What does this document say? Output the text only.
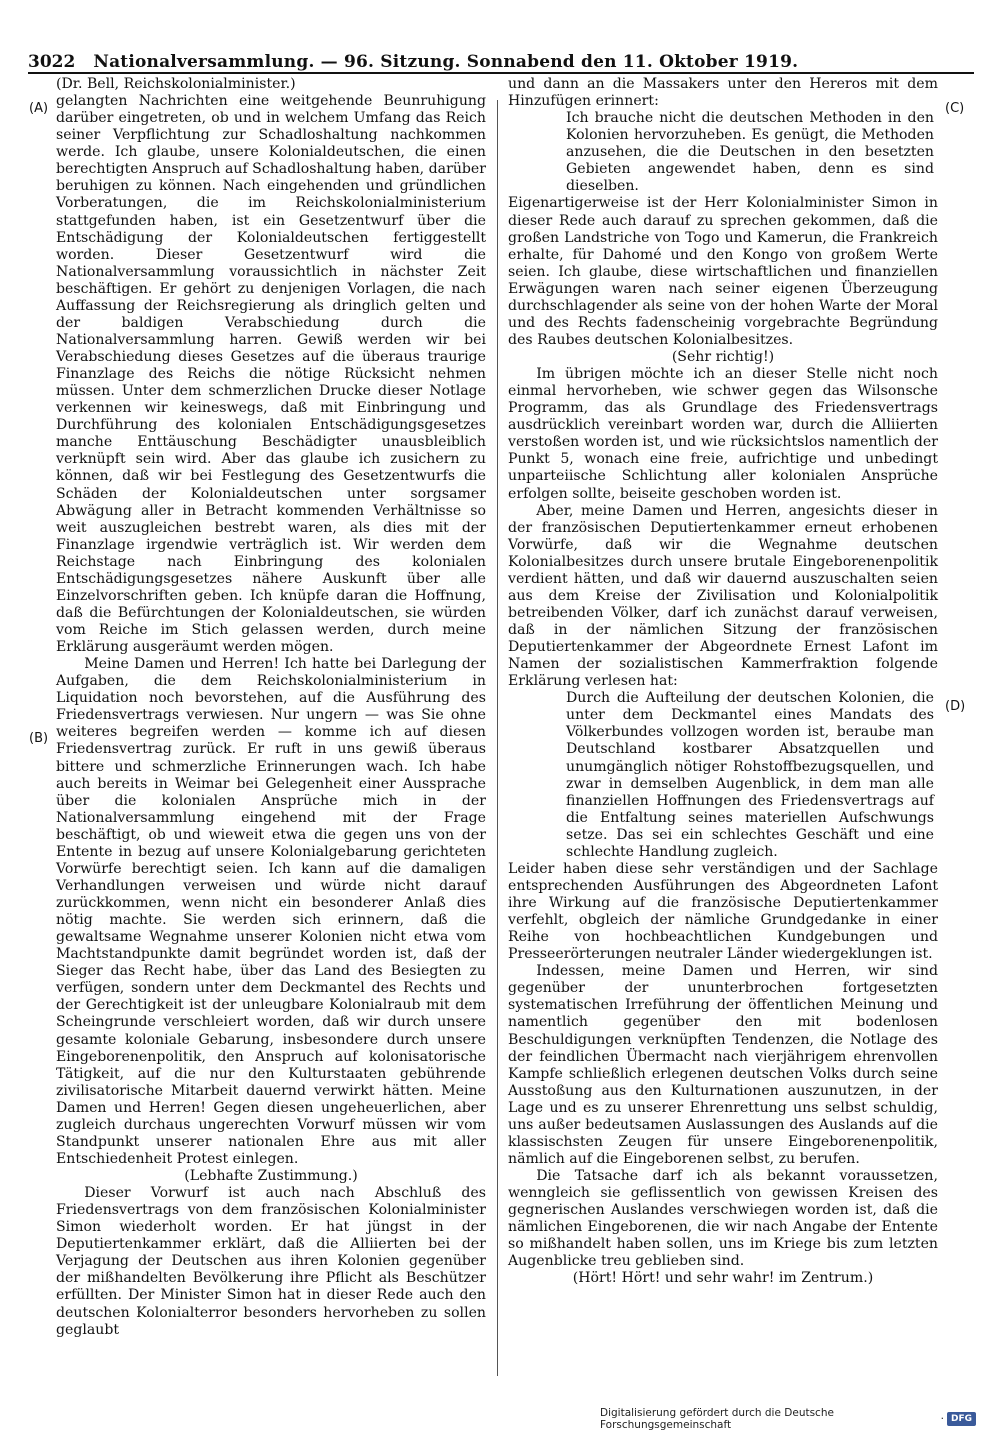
3022 Nationalversammlung. — 96. Sitzung. Sonnabend den 11. Oktober 1919.
(A)
(B)
(C)
(D)

(Dr. Bell, Reichskolonialminister.)

gelangten Nachrichten eine weitgehende Beunruhigung darüber eingetreten, ob und in welchem Umfang das Reich seiner Verpflichtung zur Schadloshaltung nachkommen werde. Ich glaube, unsere Kolonialdeutschen, die einen berechtigten Anspruch auf Schadloshaltung haben, darüber beruhigen zu können. Nach eingehenden und gründlichen Vorberatungen, die im Reichskolonialministerium stattgefunden haben, ist ein Gesetzentwurf über die Entschädigung der Kolonialdeutschen fertiggestellt worden. Dieser Gesetzentwurf wird die Nationalversammlung voraussichtlich in nächster Zeit beschäftigen. Er gehört zu denjenigen Vorlagen, die nach Auffassung der Reichsregierung als dringlich gelten und der baldigen Verabschiedung durch die Nationalversammlung harren. Gewiß werden wir bei Verabschiedung dieses Gesetzes auf die überaus traurige Finanzlage des Reichs die nötige Rücksicht nehmen müssen. Unter dem schmerzlichen Drucke dieser Notlage verkennen wir keineswegs, daß mit Einbringung und Durchführung des kolonialen Entschädigungsgesetzes manche Enttäuschung Beschädigter unausbleiblich verknüpft sein wird. Aber das glaube ich zusichern zu können, daß wir bei Festlegung des Gesetzentwurfs die Schäden der Kolonialdeutschen unter sorgsamer Abwägung aller in Betracht kommenden Verhältnisse so weit auszugleichen bestrebt waren, als dies mit der Finanzlage irgendwie verträglich ist. Wir werden dem Reichstage nach Einbringung des kolonialen Entschädigungsgesetzes nähere Auskunft über alle Einzelvorschriften geben. Ich knüpfe daran die Hoffnung, daß die Befürchtungen der Kolonialdeutschen, sie würden vom Reiche im Stich gelassen werden, durch meine Erklärung ausgeräumt werden mögen.

Meine Damen und Herren! Ich hatte bei Darlegung der Aufgaben, die dem Reichskolonialministerium in Liquidation noch bevorstehen, auf die Ausführung des Friedensvertrags verwiesen. Nur ungern — was Sie ohne weiteres begreifen werden — komme ich auf diesen Friedensvertrag zurück. Er ruft in uns gewiß überaus bittere und schmerzliche Erinnerungen wach. Ich habe auch bereits in Weimar bei Gelegenheit einer Aussprache über die kolonialen Ansprüche mich in der Nationalversammlung eingehend mit der Frage beschäftigt, ob und wieweit etwa die gegen uns von der Entente in bezug auf unsere Kolonialgebarung gerichteten Vorwürfe berechtigt seien. Ich kann auf die damaligen Verhandlungen verweisen und würde nicht darauf zurückkommen, wenn nicht ein besonderer Anlaß dies nötig machte. Sie werden sich erinnern, daß die gewaltsame Wegnahme unserer Kolonien nicht etwa vom Machtstandpunkte damit begründet worden ist, daß der Sieger das Recht habe, über das Land des Besiegten zu verfügen, sondern unter dem Deckmantel des Rechts und der Gerechtigkeit ist der unleugbare Kolonialraub mit dem Scheingrunde verschleiert worden, daß wir durch unsere gesamte koloniale Gebarung, insbesondere durch unsere Eingeborenenpolitik, den Anspruch auf kolonisatorische Tätigkeit, auf die nur den Kulturstaaten gebührende zivilisatorische Mitarbeit dauernd verwirkt hätten. Meine Damen und Herren! Gegen diesen ungeheuerlichen, aber zugleich durchaus ungerechten Vorwurf müssen wir vom Standpunkt unserer nationalen Ehre aus mit aller Entschiedenheit Protest einlegen.

(Lebhafte Zustimmung.)

Dieser Vorwurf ist auch nach Abschluß des Friedensvertrags von dem französischen Kolonialminister Simon wiederholt worden. Er hat jüngst in der Deputiertenkammer erklärt, daß die Alliierten bei der Verjagung der Deutschen aus ihren Kolonien gegenüber der mißhandelten Bevölkerung ihre Pflicht als Beschützer erfüllten. Der Minister Simon hat in dieser Rede auch den deutschen Kolonialterror besonders hervorheben zu sollen geglaubt

und dann an die Massakers unter den Hereros mit dem Hinzufügen erinnert:

Ich brauche nicht die deutschen Methoden in den Kolonien hervorzuheben. Es genügt, die Methoden anzusehen, die die Deutschen in den besetzten Gebieten angewendet haben, denn es sind dieselben.

Eigenartigerweise ist der Herr Kolonialminister Simon in dieser Rede auch darauf zu sprechen gekommen, daß die großen Landstriche von Togo und Kamerun, die Frankreich erhalte, für Dahomé und den Kongo von großem Werte seien. Ich glaube, diese wirtschaftlichen und finanziellen Erwägungen waren nach seiner eigenen Überzeugung durchschlagender als seine von der hohen Warte der Moral und des Rechts fadenscheinig vorgebrachte Begründung des Raubes deutschen Kolonialbesitzes.

(Sehr richtig!)

Im übrigen möchte ich an dieser Stelle nicht noch einmal hervorheben, wie schwer gegen das Wilsonsche Programm, das als Grundlage des Friedensvertrags ausdrücklich vereinbart worden war, durch die Alliierten verstoßen worden ist, und wie rücksichtslos namentlich der Punkt 5, wonach eine freie, aufrichtige und unbedingt unparteiische Schlichtung aller kolonialen Ansprüche erfolgen sollte, beiseite geschoben worden ist.

Aber, meine Damen und Herren, angesichts dieser in der französischen Deputiertenkammer erneut erhobenen Vorwürfe, daß wir die Wegnahme deutschen Kolonialbesitzes durch unsere brutale Eingeborenenpolitik verdient hätten, und daß wir dauernd auszuschalten seien aus dem Kreise der Zivilisation und Kolonialpolitik betreibenden Völker, darf ich zunächst darauf verweisen, daß in der nämlichen Sitzung der französischen Deputiertenkammer der Abgeordnete Ernest Lafont im Namen der sozialistischen Kammerfraktion folgende Erklärung verlesen hat:

Durch die Aufteilung der deutschen Kolonien, die unter dem Deckmantel eines Mandats des Völkerbundes vollzogen worden ist, beraube man Deutschland kostbarer Absatzquellen und unumgänglich nötiger Rohstoffbezugsquellen, und zwar in demselben Augenblick, in dem man alle finanziellen Hoffnungen des Friedensvertrags auf die Entfaltung seines materiellen Aufschwungs setze. Das sei ein schlechtes Geschäft und eine schlechte Handlung zugleich.

Leider haben diese sehr verständigen und der Sachlage entsprechenden Ausführungen des Abgeordneten Lafont ihre Wirkung auf die französische Deputiertenkammer verfehlt, obgleich der nämliche Grundgedanke in einer Reihe von hochbeachtlichen Kundgebungen und Presseerörterungen neutraler Länder wiedergeklungen ist.

Indessen, meine Damen und Herren, wir sind gegenüber der ununterbrochen fortgesetzten systematischen Irreführung der öffentlichen Meinung und namentlich gegenüber den mit bodenlosen Beschuldigungen verknüpften Tendenzen, die Notlage des der feindlichen Übermacht nach vierjährigem ehrenvollen Kampfe schließlich erlegenen deutschen Volks durch seine Ausstoßung aus den Kulturnationen auszunutzen, in der Lage und es zu unserer Ehrenrettung uns selbst schuldig, uns außer bedeutsamen Auslassungen des Auslands auf die klassischsten Zeugen für unsere Eingeborenenpolitik, nämlich auf die Eingeborenen selbst, zu berufen.

Die Tatsache darf ich als bekannt voraussetzen, wenngleich sie geflissentlich von gewissen Kreisen des gegnerischen Auslandes verschwiegen worden ist, daß die nämlichen Eingeborenen, die wir nach Angabe der Entente so mißhandelt haben sollen, uns im Kriege bis zum letzten Augenblicke treu geblieben sind.

(Hört! Hört! und sehr wahr! im Zentrum.)

Digitalisierung gefördert durch die Deutsche Forschungsgemeinschaft	· DFG
